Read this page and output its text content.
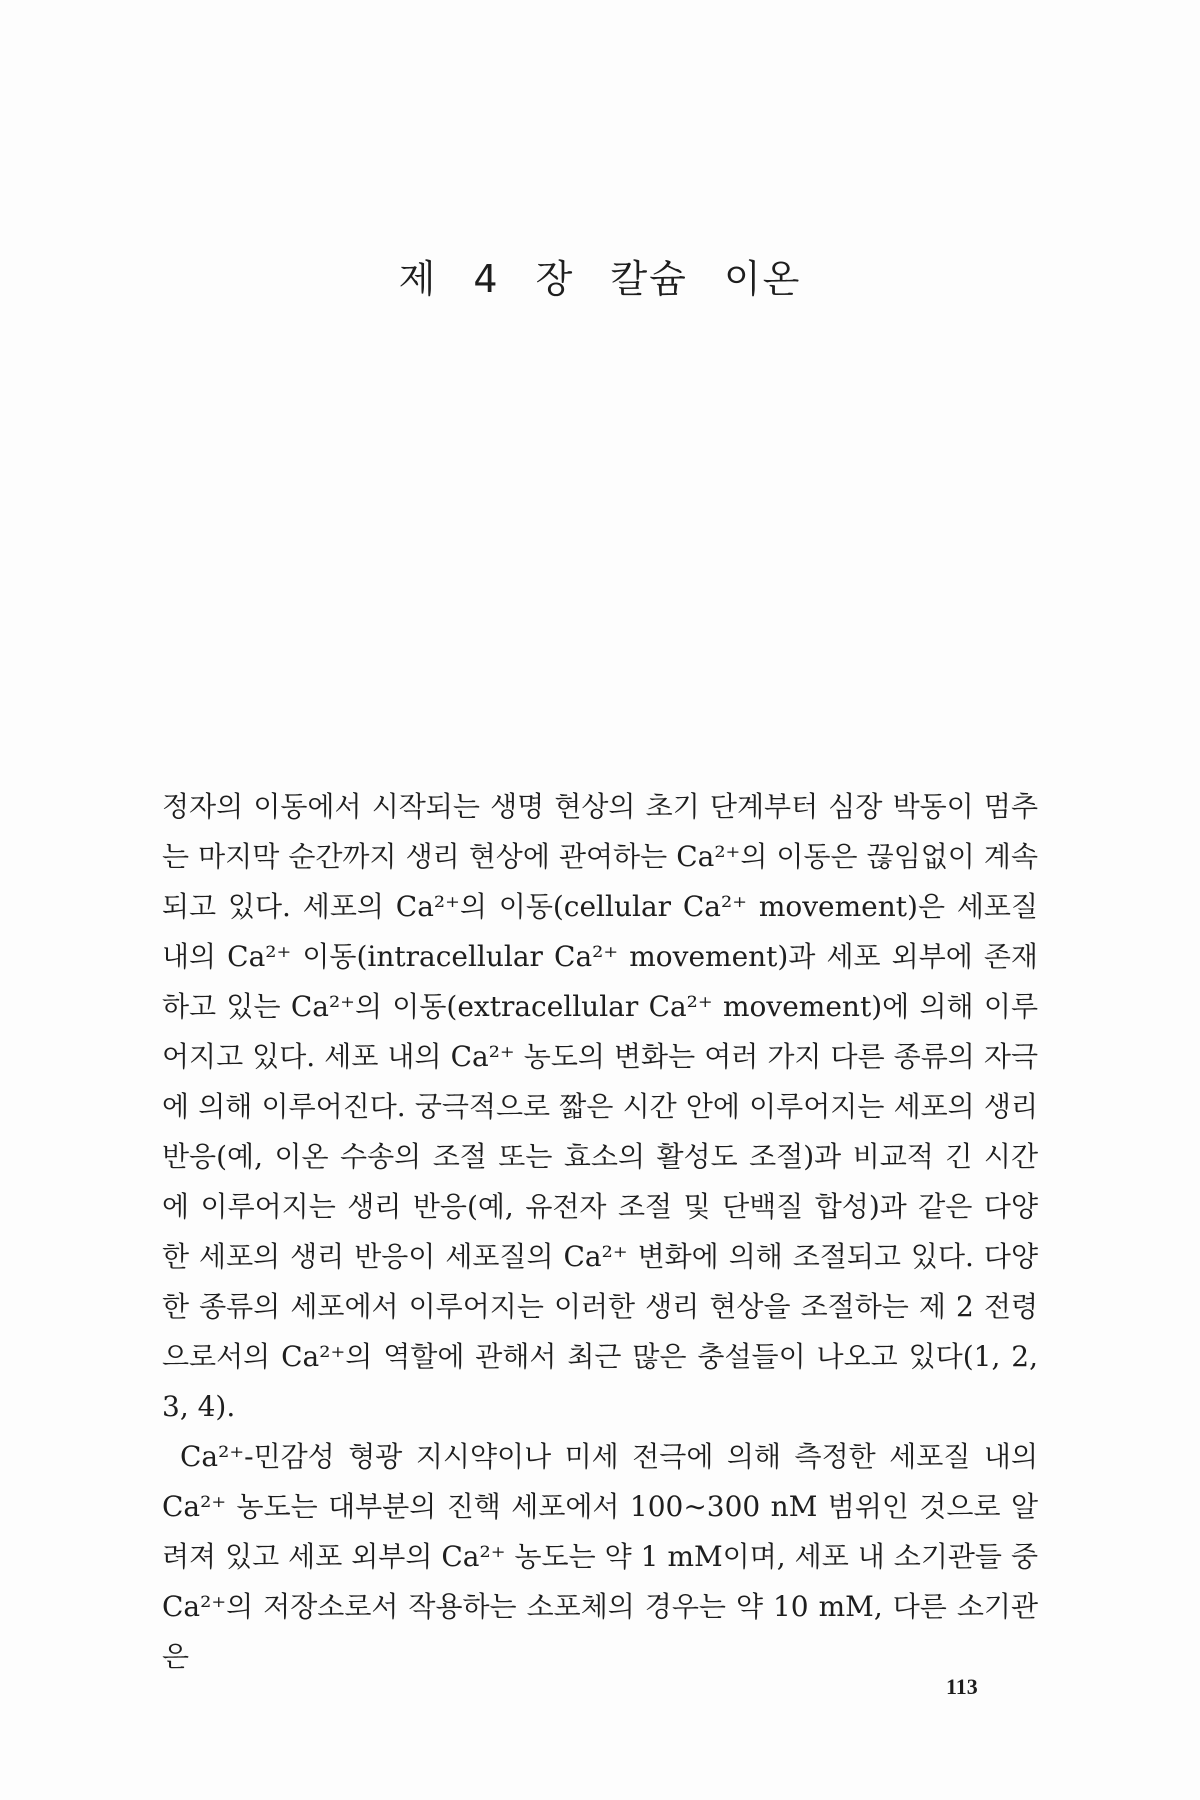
제 4 장 칼슘 이온

정자의 이동에서 시작되는 생명 현상의 초기 단계부터 심장 박동이 멈추는 마지막 순간까지 생리 현상에 관여하는 Ca²⁺의 이동은 끊임없이 계속되고 있다. 세포의 Ca²⁺의 이동(cellular Ca²⁺ movement)은 세포질 내의 Ca²⁺ 이동(intracellular Ca²⁺ movement)과 세포 외부에 존재하고 있는 Ca²⁺의 이동(extracellular Ca²⁺ movement)에 의해 이루어지고 있다. 세포 내의 Ca²⁺ 농도의 변화는 여러 가지 다른 종류의 자극에 의해 이루어진다. 궁극적으로 짧은 시간 안에 이루어지는 세포의 생리 반응(예, 이온 수송의 조절 또는 효소의 활성도 조절)과 비교적 긴 시간에 이루어지는 생리 반응(예, 유전자 조절 및 단백질 합성)과 같은 다양한 세포의 생리 반응이 세포질의 Ca²⁺ 변화에 의해 조절되고 있다. 다양한 종류의 세포에서 이루어지는 이러한 생리 현상을 조절하는 제 2 전령으로서의 Ca²⁺의 역할에 관해서 최근 많은 충설들이 나오고 있다(1, 2, 3, 4).

Ca²⁺-민감성 형광 지시약이나 미세 전극에 의해 측정한 세포질 내의 Ca²⁺ 농도는 대부분의 진핵 세포에서 100∼300 nM 범위인 것으로 알려져 있고 세포 외부의 Ca²⁺ 농도는 약 1 mM이며, 세포 내 소기관들 중 Ca²⁺의 저장소로서 작용하는 소포체의 경우는 약 10 mM, 다른 소기관은

113
